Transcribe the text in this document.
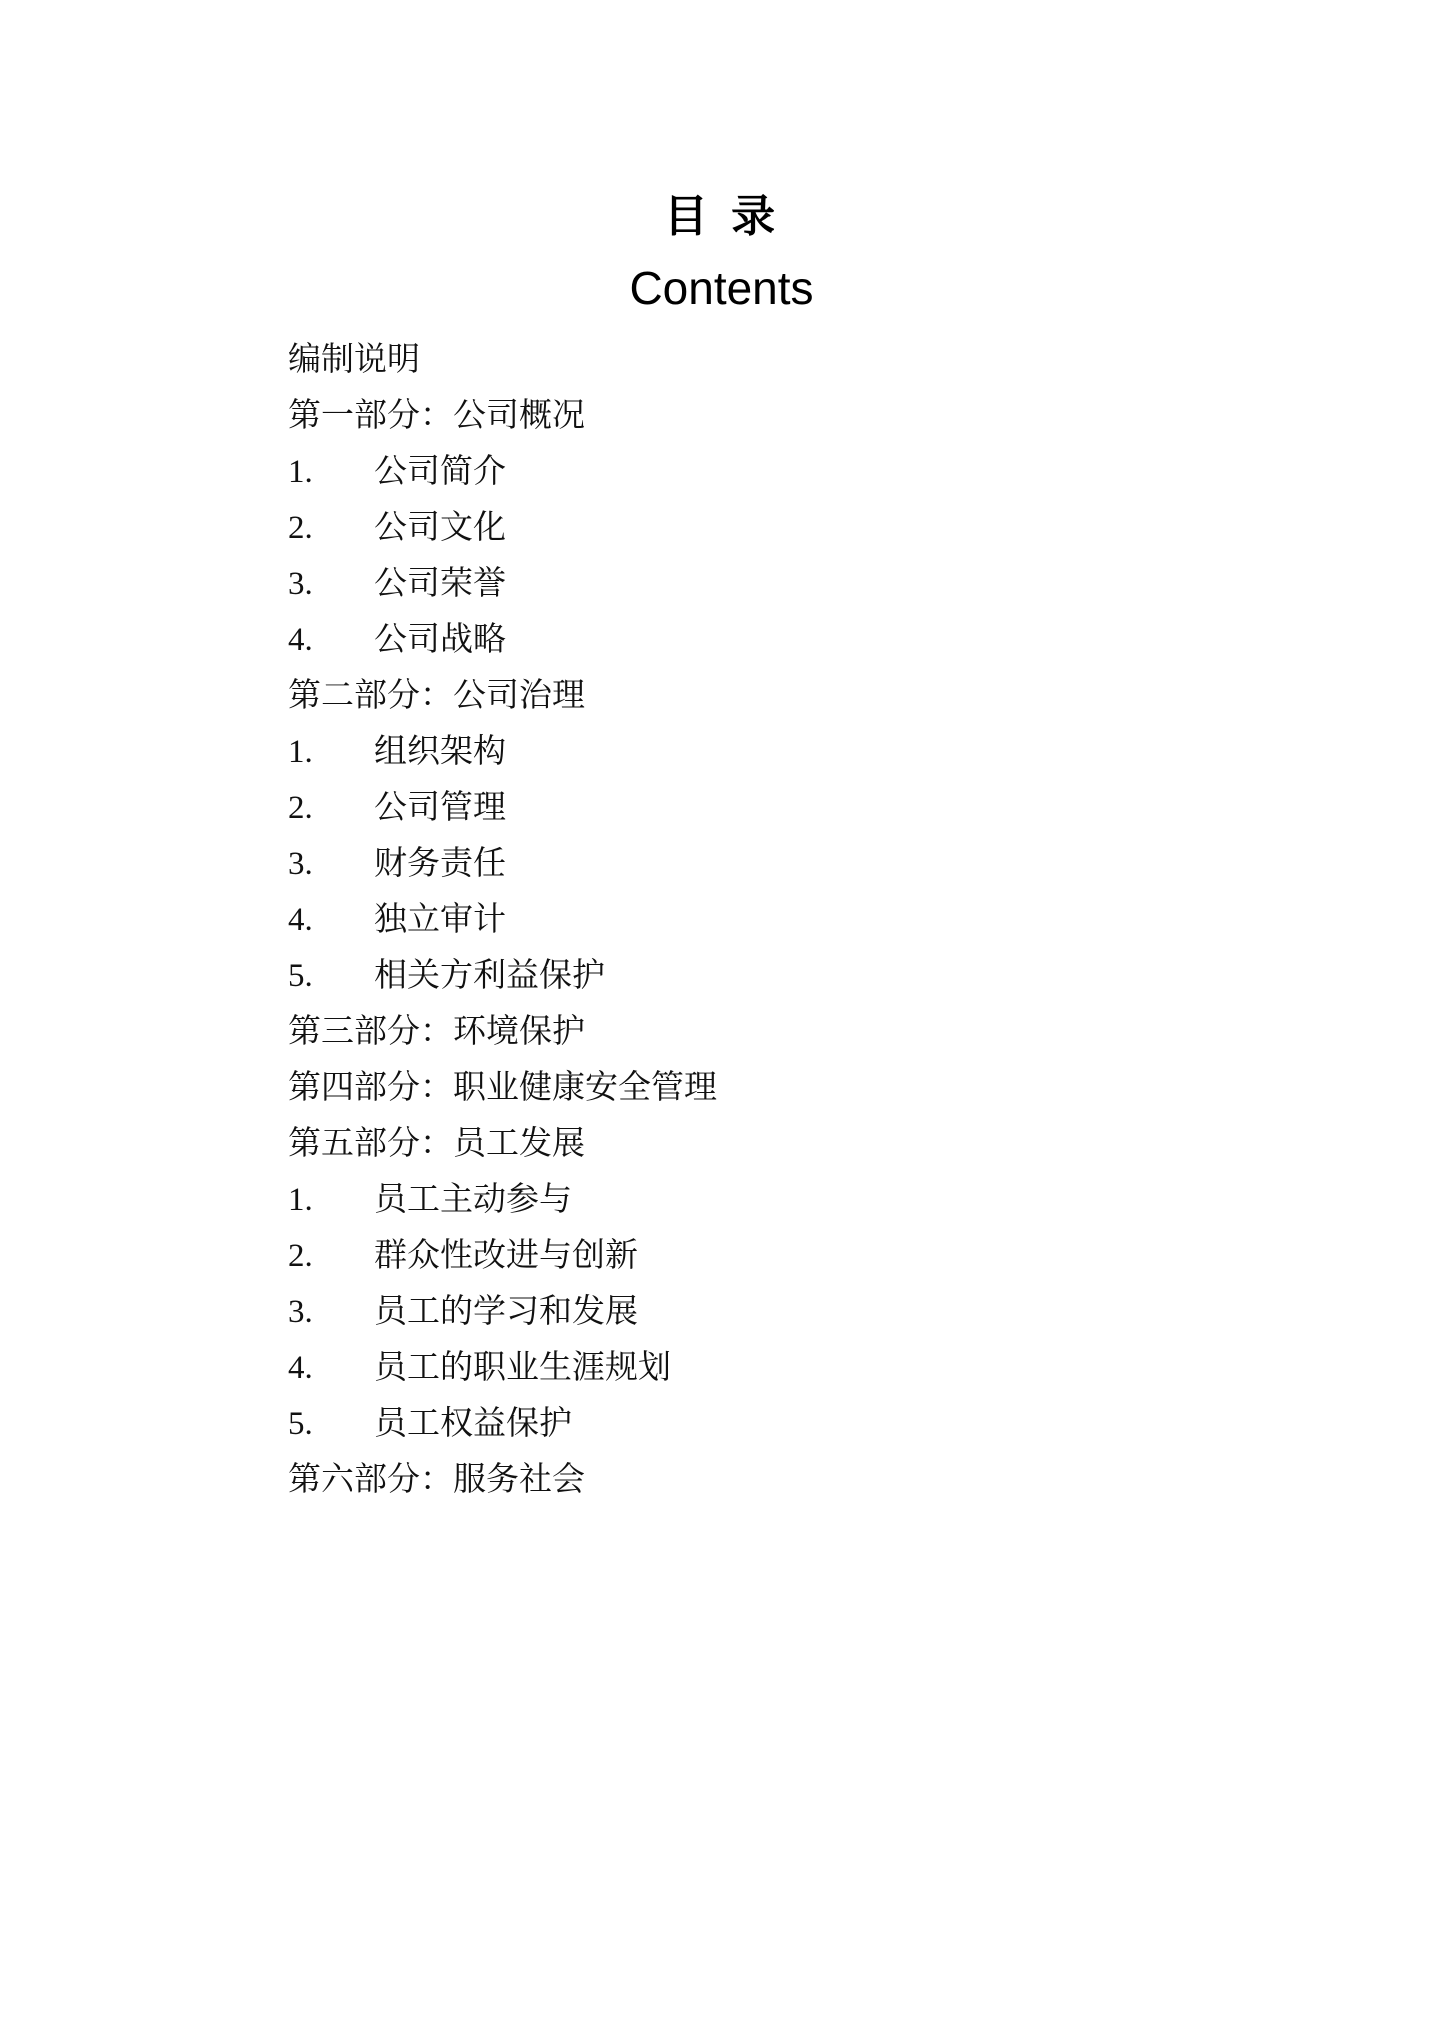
目 录
Contents
编制说明
第一部分：公司概况
1. 公司简介
2. 公司文化
3. 公司荣誉
4. 公司战略
第二部分：公司治理
1. 组织架构
2. 公司管理
3. 财务责任
4. 独立审计
5. 相关方利益保护
第三部分：环境保护
第四部分：职业健康安全管理
第五部分：员工发展
1. 员工主动参与
2. 群众性改进与创新
3. 员工的学习和发展
4. 员工的职业生涯规划
5. 员工权益保护
第六部分：服务社会
